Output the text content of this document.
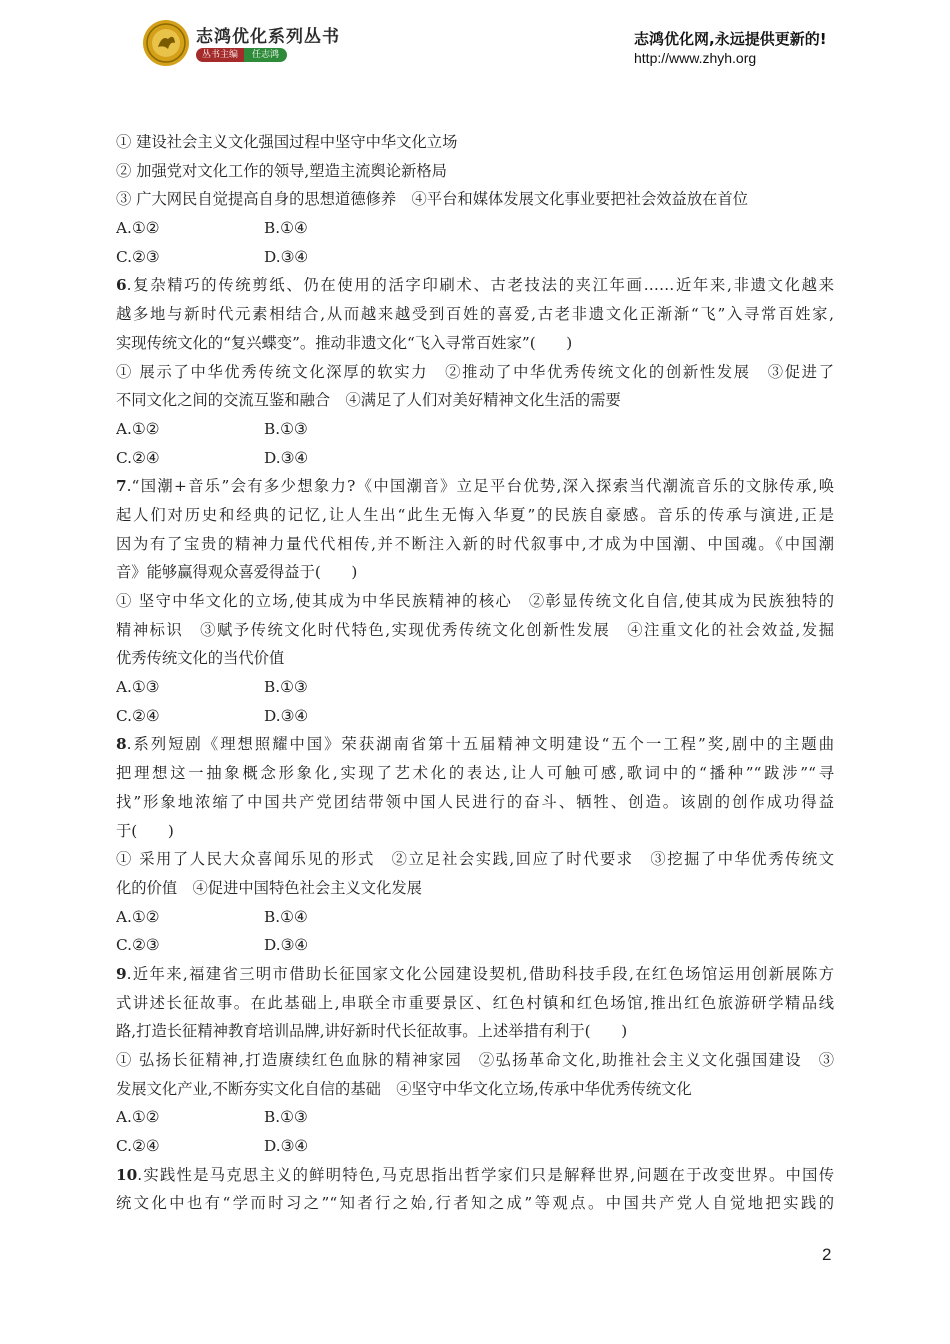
志鸿优化系列丛书
丛书主编	任志鸿
志鸿优化网,永远提供更新的!
http://www.zhyh.org
① 建设社会主义文化强国过程中坚守中华文化立场
② 加强党对文化工作的领导,塑造主流舆论新格局
③ 广大网民自觉提高自身的思想道德修养　④平台和媒体发展文化事业要把社会效益放在首位
A.①②	B.①④
C.②③	D.③④
6.复杂精巧的传统剪纸、仍在使用的活字印刷术、古老技法的夹江年画……近年来,非遗文化越来
越多地与新时代元素相结合,从而越来越受到百姓的喜爱,古老非遗文化正渐渐“飞”入寻常百姓家,
实现传统文化的“复兴蝶变”。推动非遗文化“飞入寻常百姓家”(　　)
① 展示了中华优秀传统文化深厚的软实力　②推动了中华优秀传统文化的创新性发展　③促进了
不同文化之间的交流互鉴和融合　④满足了人们对美好精神文化生活的需要
A.①②	B.①③
C.②④	D.③④
7.“国潮+音乐”会有多少想象力?《中国潮音》立足平台优势,深入探索当代潮流音乐的文脉传承,唤
起人们对历史和经典的记忆,让人生出“此生无悔入华夏”的民族自豪感。音乐的传承与演进,正是
因为有了宝贵的精神力量代代相传,并不断注入新的时代叙事中,才成为中国潮、中国魂。《中国潮
音》能够赢得观众喜爱得益于(　　)
① 坚守中华文化的立场,使其成为中华民族精神的核心　②彰显传统文化自信,使其成为民族独特的
精神标识　③赋予传统文化时代特色,实现优秀传统文化创新性发展　④注重文化的社会效益,发掘
优秀传统文化的当代价值
A.①③	B.①③
C.②④	D.③④
8.系列短剧《理想照耀中国》荣获湖南省第十五届精神文明建设“五个一工程”奖,剧中的主题曲
把理想这一抽象概念形象化,实现了艺术化的表达,让人可触可感,歌词中的“播种”“跋涉”“寻
找”形象地浓缩了中国共产党团结带领中国人民进行的奋斗、牺牲、创造。该剧的创作成功得益
于(　　)
① 采用了人民大众喜闻乐见的形式　②立足社会实践,回应了时代要求　③挖掘了中华优秀传统文
化的价值　④促进中国特色社会主义文化发展
A.①②	B.①④
C.②③	D.③④
9.近年来,福建省三明市借助长征国家文化公园建设契机,借助科技手段,在红色场馆运用创新展陈方
式讲述长征故事。在此基础上,串联全市重要景区、红色村镇和红色场馆,推出红色旅游研学精品线
路,打造长征精神教育培训品牌,讲好新时代长征故事。上述举措有利于(　　)
① 弘扬长征精神,打造赓续红色血脉的精神家园　②弘扬革命文化,助推社会主义文化强国建设　③
发展文化产业,不断夯实文化自信的基础　④坚守中华文化立场,传承中华优秀传统文化
A.①②	B.①③
C.②④	D.③④
10.实践性是马克思主义的鲜明特色,马克思指出哲学家们只是解释世界,问题在于改变世界。中国传
统文化中也有“学而时习之”“知者行之始,行者知之成”等观点。中国共产党人自觉地把实践的
2
